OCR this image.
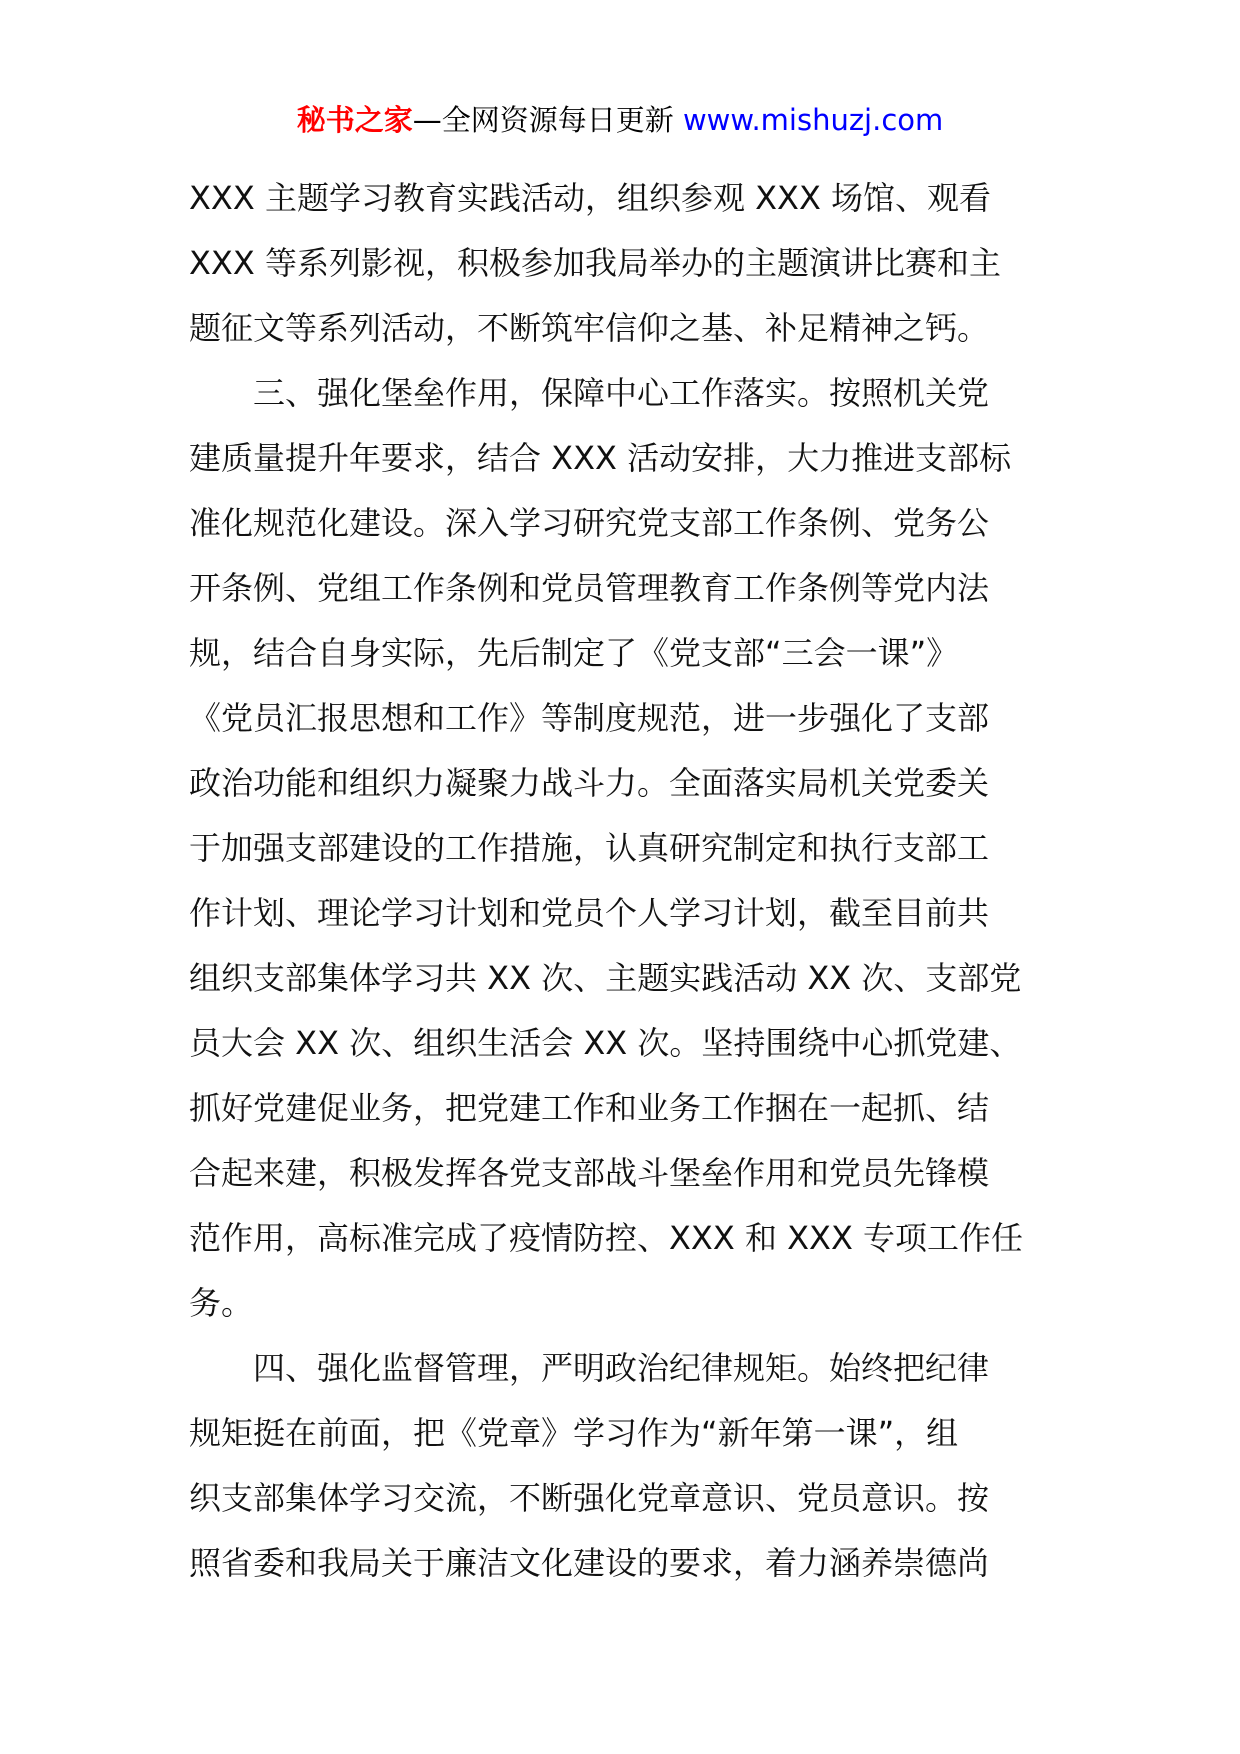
秘书之家—全网资源每日更新 www.mishuzj.com
XXX 主题学习教育实践活动，组织参观 XXX 场馆、观看
XXX 等系列影视，积极参加我局举办的主题演讲比赛和主
题征文等系列活动，不断筑牢信仰之基、补足精神之钙。
三、强化堡垒作用，保障中心工作落实。按照机关党
建质量提升年要求，结合 XXX 活动安排，大力推进支部标
准化规范化建设。深入学习研究党支部工作条例、党务公
开条例、党组工作条例和党员管理教育工作条例等党内法
规，结合自身实际，先后制定了《党支部“三会一课”》
《党员汇报思想和工作》等制度规范，进一步强化了支部
政治功能和组织力凝聚力战斗力。全面落实局机关党委关
于加强支部建设的工作措施，认真研究制定和执行支部工
作计划、理论学习计划和党员个人学习计划，截至目前共
组织支部集体学习共 XX 次、主题实践活动 XX 次、支部党
员大会 XX 次、组织生活会 XX 次。坚持围绕中心抓党建、
抓好党建促业务，把党建工作和业务工作捆在一起抓、结
合起来建，积极发挥各党支部战斗堡垒作用和党员先锋模
范作用，高标准完成了疫情防控、XXX 和 XXX 专项工作任
务。
四、强化监督管理，严明政治纪律规矩。始终把纪律
规矩挺在前面，把《党章》学习作为“新年第一课”，组
织支部集体学习交流，不断强化党章意识、党员意识。按
照省委和我局关于廉洁文化建设的要求，着力涵养崇德尚
